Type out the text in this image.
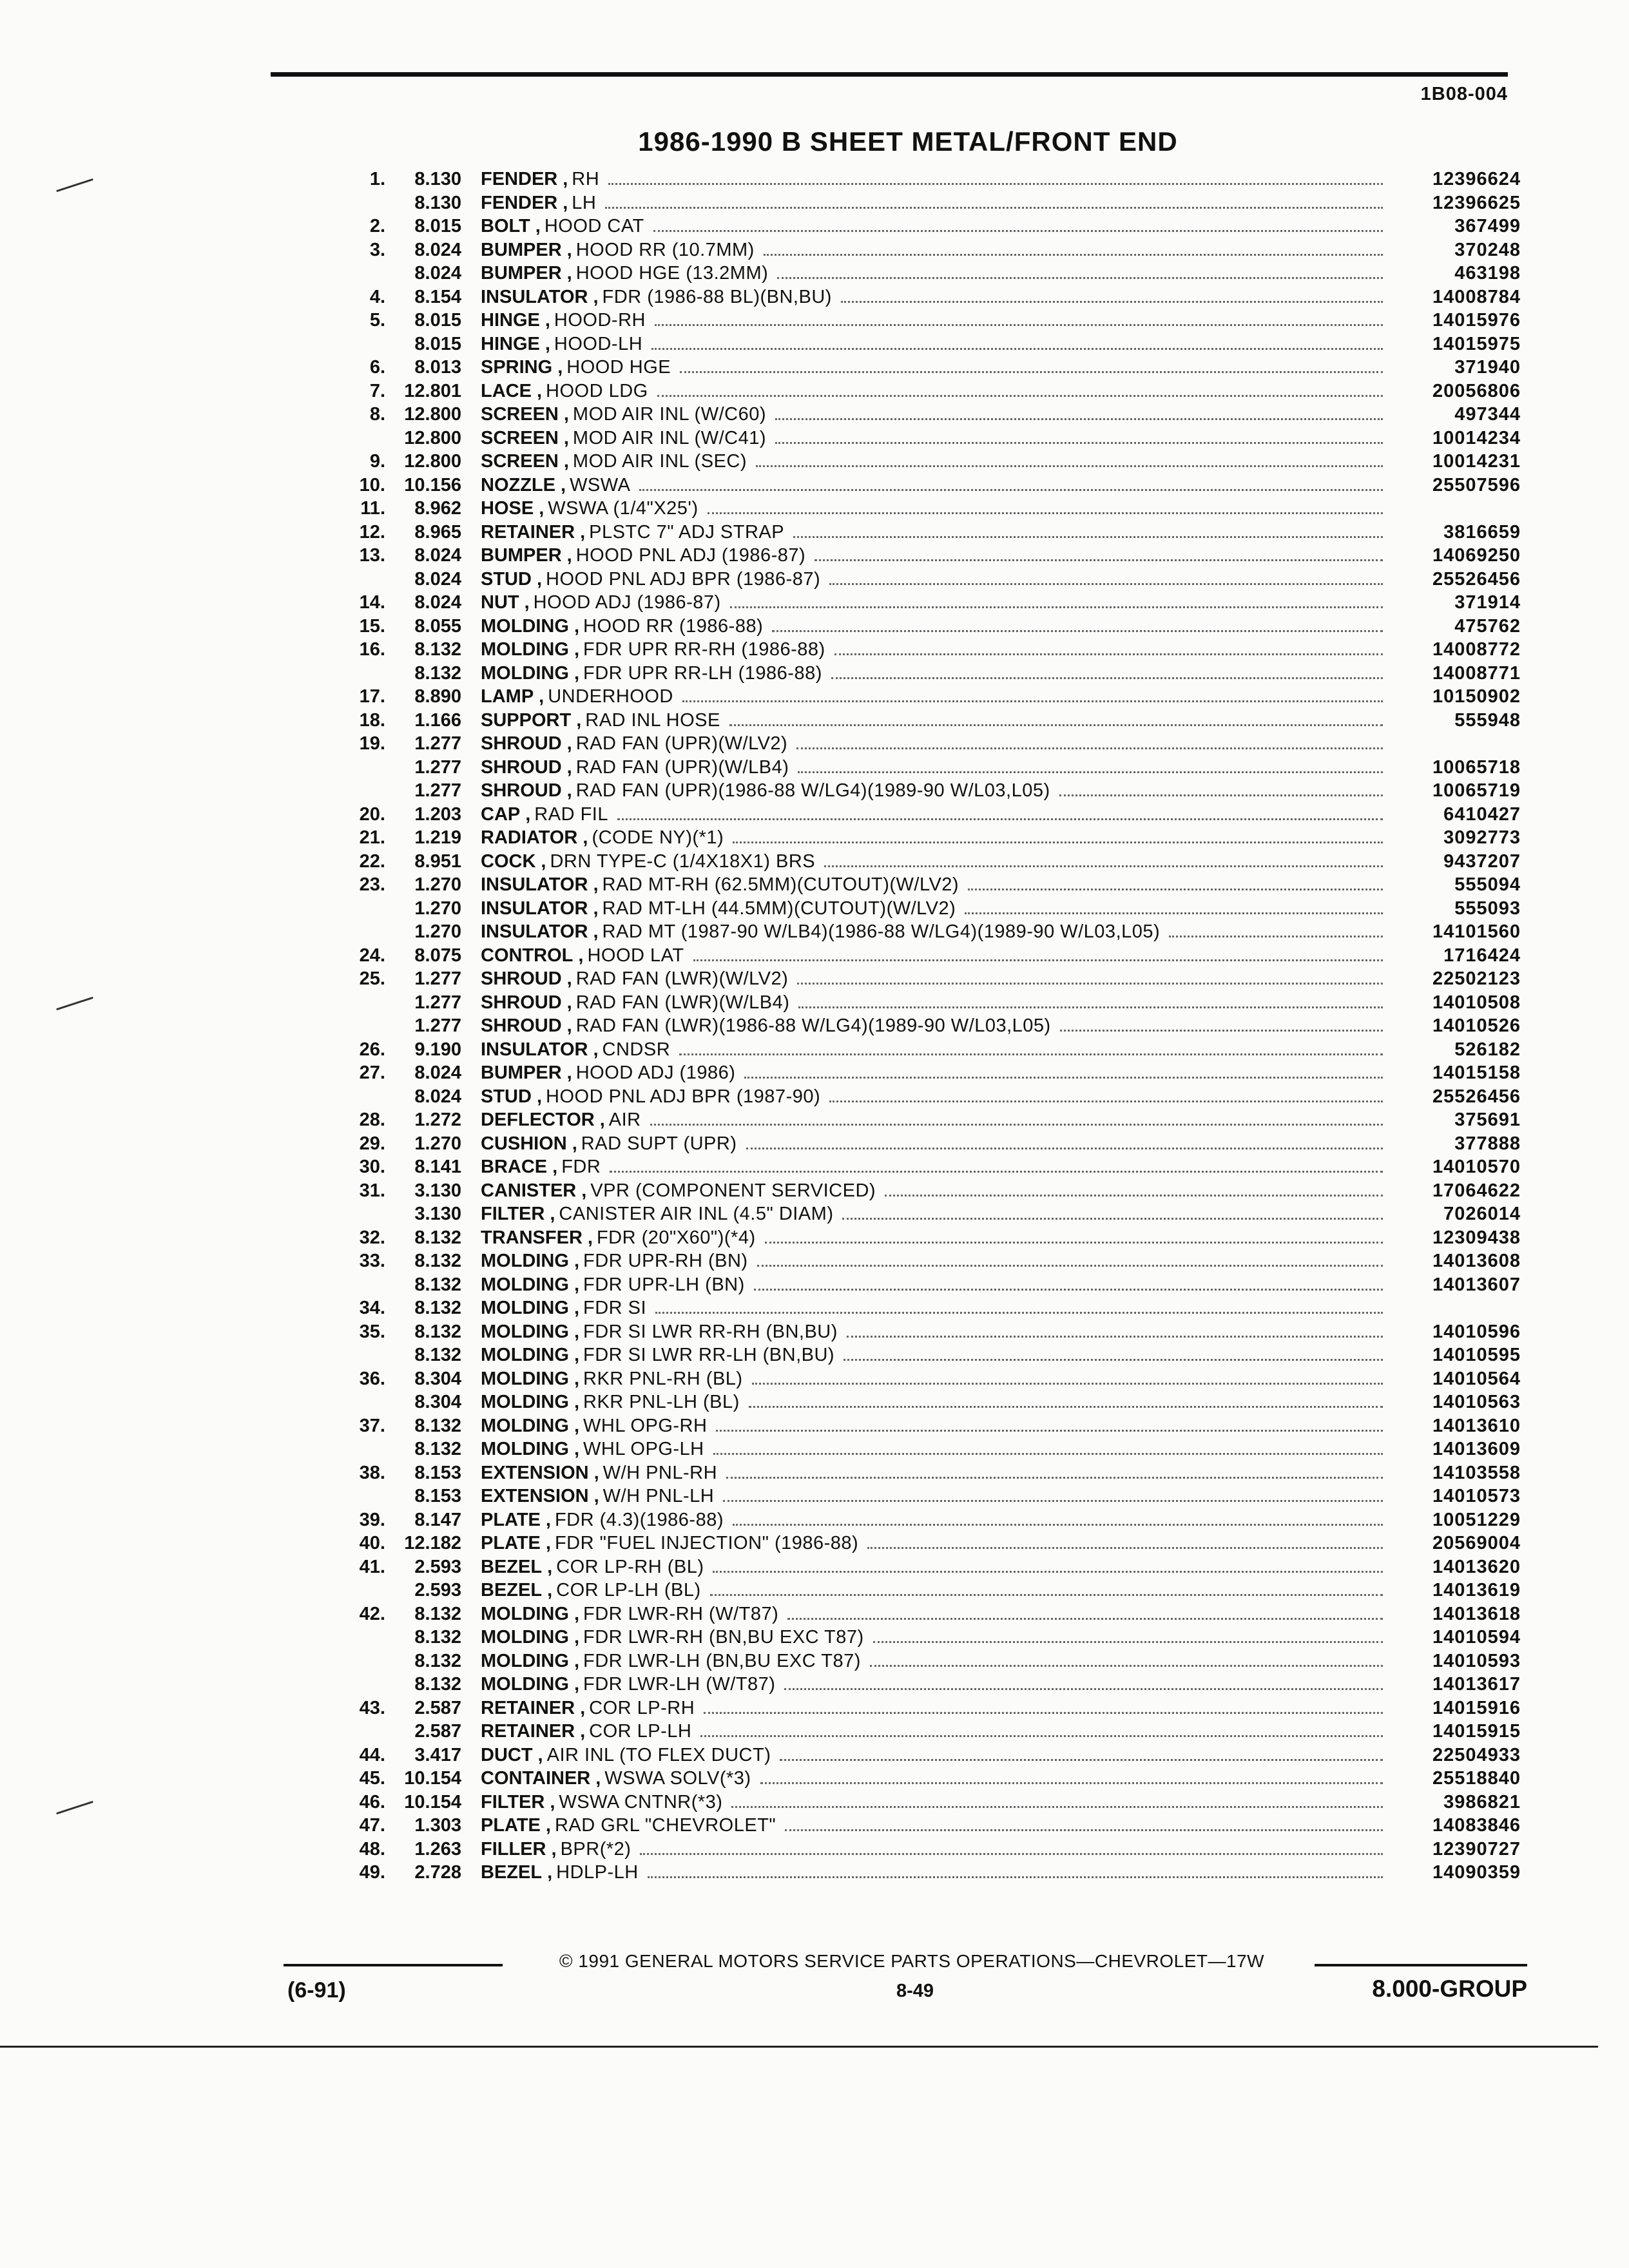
1B08-004
1986-1990 B SHEET METAL/FRONT END
1.	8.130	FENDER , RH	12396624
8.130	FENDER , LH	12396625
2.	8.015	BOLT , HOOD CAT	367499
3.	8.024	BUMPER , HOOD RR (10.7MM)	370248
8.024	BUMPER , HOOD HGE (13.2MM)	463198
4.	8.154	INSULATOR , FDR (1986-88 BL)(BN,BU)	14008784
5.	8.015	HINGE , HOOD-RH	14015976
8.015	HINGE , HOOD-LH	14015975
6.	8.013	SPRING , HOOD HGE	371940
7.	12.801	LACE , HOOD LDG	20056806
8.	12.800	SCREEN , MOD AIR INL (W/C60)	497344
12.800	SCREEN , MOD AIR INL (W/C41)	10014234
9.	12.800	SCREEN , MOD AIR INL (SEC)	10014231
10.	10.156	NOZZLE , WSWA	25507596
11.	8.962	HOSE , WSWA (1/4"X25')
12.	8.965	RETAINER , PLSTC 7" ADJ STRAP	3816659
13.	8.024	BUMPER , HOOD PNL ADJ (1986-87)	14069250
8.024	STUD , HOOD PNL ADJ BPR (1986-87)	25526456
14.	8.024	NUT , HOOD ADJ (1986-87)	371914
15.	8.055	MOLDING , HOOD RR (1986-88)	475762
16.	8.132	MOLDING , FDR UPR RR-RH (1986-88)	14008772
8.132	MOLDING , FDR UPR RR-LH (1986-88)	14008771
17.	8.890	LAMP , UNDERHOOD	10150902
18.	1.166	SUPPORT , RAD INL HOSE	555948
19.	1.277	SHROUD , RAD FAN (UPR)(W/LV2)
1.277	SHROUD , RAD FAN (UPR)(W/LB4)	10065718
1.277	SHROUD , RAD FAN (UPR)(1986-88 W/LG4)(1989-90 W/L03,L05)	10065719
20.	1.203	CAP , RAD FIL	6410427
21.	1.219	RADIATOR , (CODE NY)(*1)	3092773
22.	8.951	COCK , DRN TYPE-C (1/4X18X1) BRS	9437207
23.	1.270	INSULATOR , RAD MT-RH (62.5MM)(CUTOUT)(W/LV2)	555094
1.270	INSULATOR , RAD MT-LH (44.5MM)(CUTOUT)(W/LV2)	555093
1.270	INSULATOR , RAD MT (1987-90 W/LB4)(1986-88 W/LG4)(1989-90 W/L03,L05)	14101560
24.	8.075	CONTROL , HOOD LAT	1716424
25.	1.277	SHROUD , RAD FAN (LWR)(W/LV2)	22502123
1.277	SHROUD , RAD FAN (LWR)(W/LB4)	14010508
1.277	SHROUD , RAD FAN (LWR)(1986-88 W/LG4)(1989-90 W/L03,L05)	14010526
26.	9.190	INSULATOR , CNDSR	526182
27.	8.024	BUMPER , HOOD ADJ (1986)	14015158
8.024	STUD , HOOD PNL ADJ BPR (1987-90)	25526456
28.	1.272	DEFLECTOR , AIR	375691
29.	1.270	CUSHION , RAD SUPT (UPR)	377888
30.	8.141	BRACE , FDR	14010570
31.	3.130	CANISTER , VPR (COMPONENT SERVICED)	17064622
3.130	FILTER , CANISTER AIR INL (4.5" DIAM)	7026014
32.	8.132	TRANSFER , FDR (20"X60")(*4)	12309438
33.	8.132	MOLDING , FDR UPR-RH (BN)	14013608
8.132	MOLDING , FDR UPR-LH (BN)	14013607
34.	8.132	MOLDING , FDR SI
35.	8.132	MOLDING , FDR SI LWR RR-RH (BN,BU)	14010596
8.132	MOLDING , FDR SI LWR RR-LH (BN,BU)	14010595
36.	8.304	MOLDING , RKR PNL-RH (BL)	14010564
8.304	MOLDING , RKR PNL-LH (BL)	14010563
37.	8.132	MOLDING , WHL OPG-RH	14013610
8.132	MOLDING , WHL OPG-LH	14013609
38.	8.153	EXTENSION , W/H PNL-RH	14103558
8.153	EXTENSION , W/H PNL-LH	14010573
39.	8.147	PLATE , FDR (4.3)(1986-88)	10051229
40.	12.182	PLATE , FDR "FUEL INJECTION" (1986-88)	20569004
41.	2.593	BEZEL , COR LP-RH (BL)	14013620
2.593	BEZEL , COR LP-LH (BL)	14013619
42.	8.132	MOLDING , FDR LWR-RH (W/T87)	14013618
8.132	MOLDING , FDR LWR-RH (BN,BU EXC T87)	14010594
8.132	MOLDING , FDR LWR-LH (BN,BU EXC T87)	14010593
8.132	MOLDING , FDR LWR-LH (W/T87)	14013617
43.	2.587	RETAINER , COR LP-RH	14015916
2.587	RETAINER , COR LP-LH	14015915
44.	3.417	DUCT , AIR INL (TO FLEX DUCT)	22504933
45.	10.154	CONTAINER , WSWA SOLV(*3)	25518840
46.	10.154	FILTER , WSWA CNTNR(*3)	3986821
47.	1.303	PLATE , RAD GRL "CHEVROLET"	14083846
48.	1.263	FILLER , BPR(*2)	12390727
49.	2.728	BEZEL , HDLP-LH	14090359
© 1991 GENERAL MOTORS SERVICE PARTS OPERATIONS—CHEVROLET—17W
(6-91)	8-49	8.000-GROUP
